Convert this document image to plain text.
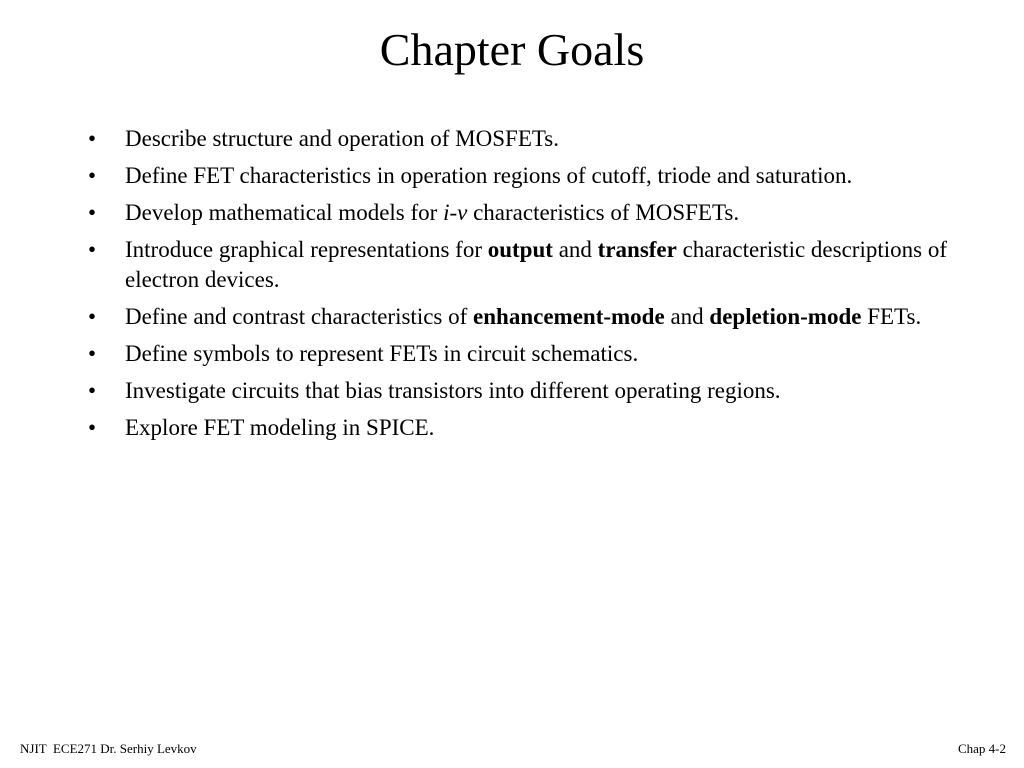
Chapter Goals
• Describe structure and operation of MOSFETs.
• Define FET characteristics in operation regions of cutoff, triode and saturation.
• Develop mathematical models for i-v characteristics of MOSFETs.
• Introduce graphical representations for output and transfer characteristic descriptions of electron devices.
• Define and contrast characteristics of enhancement-mode and depletion-mode FETs.
• Define symbols to represent FETs in circuit schematics.
• Investigate circuits that bias transistors into different operating regions.
• Explore FET modeling in SPICE.
NJIT  ECE271 Dr. Serhiy Levkov	Chap 4-2
